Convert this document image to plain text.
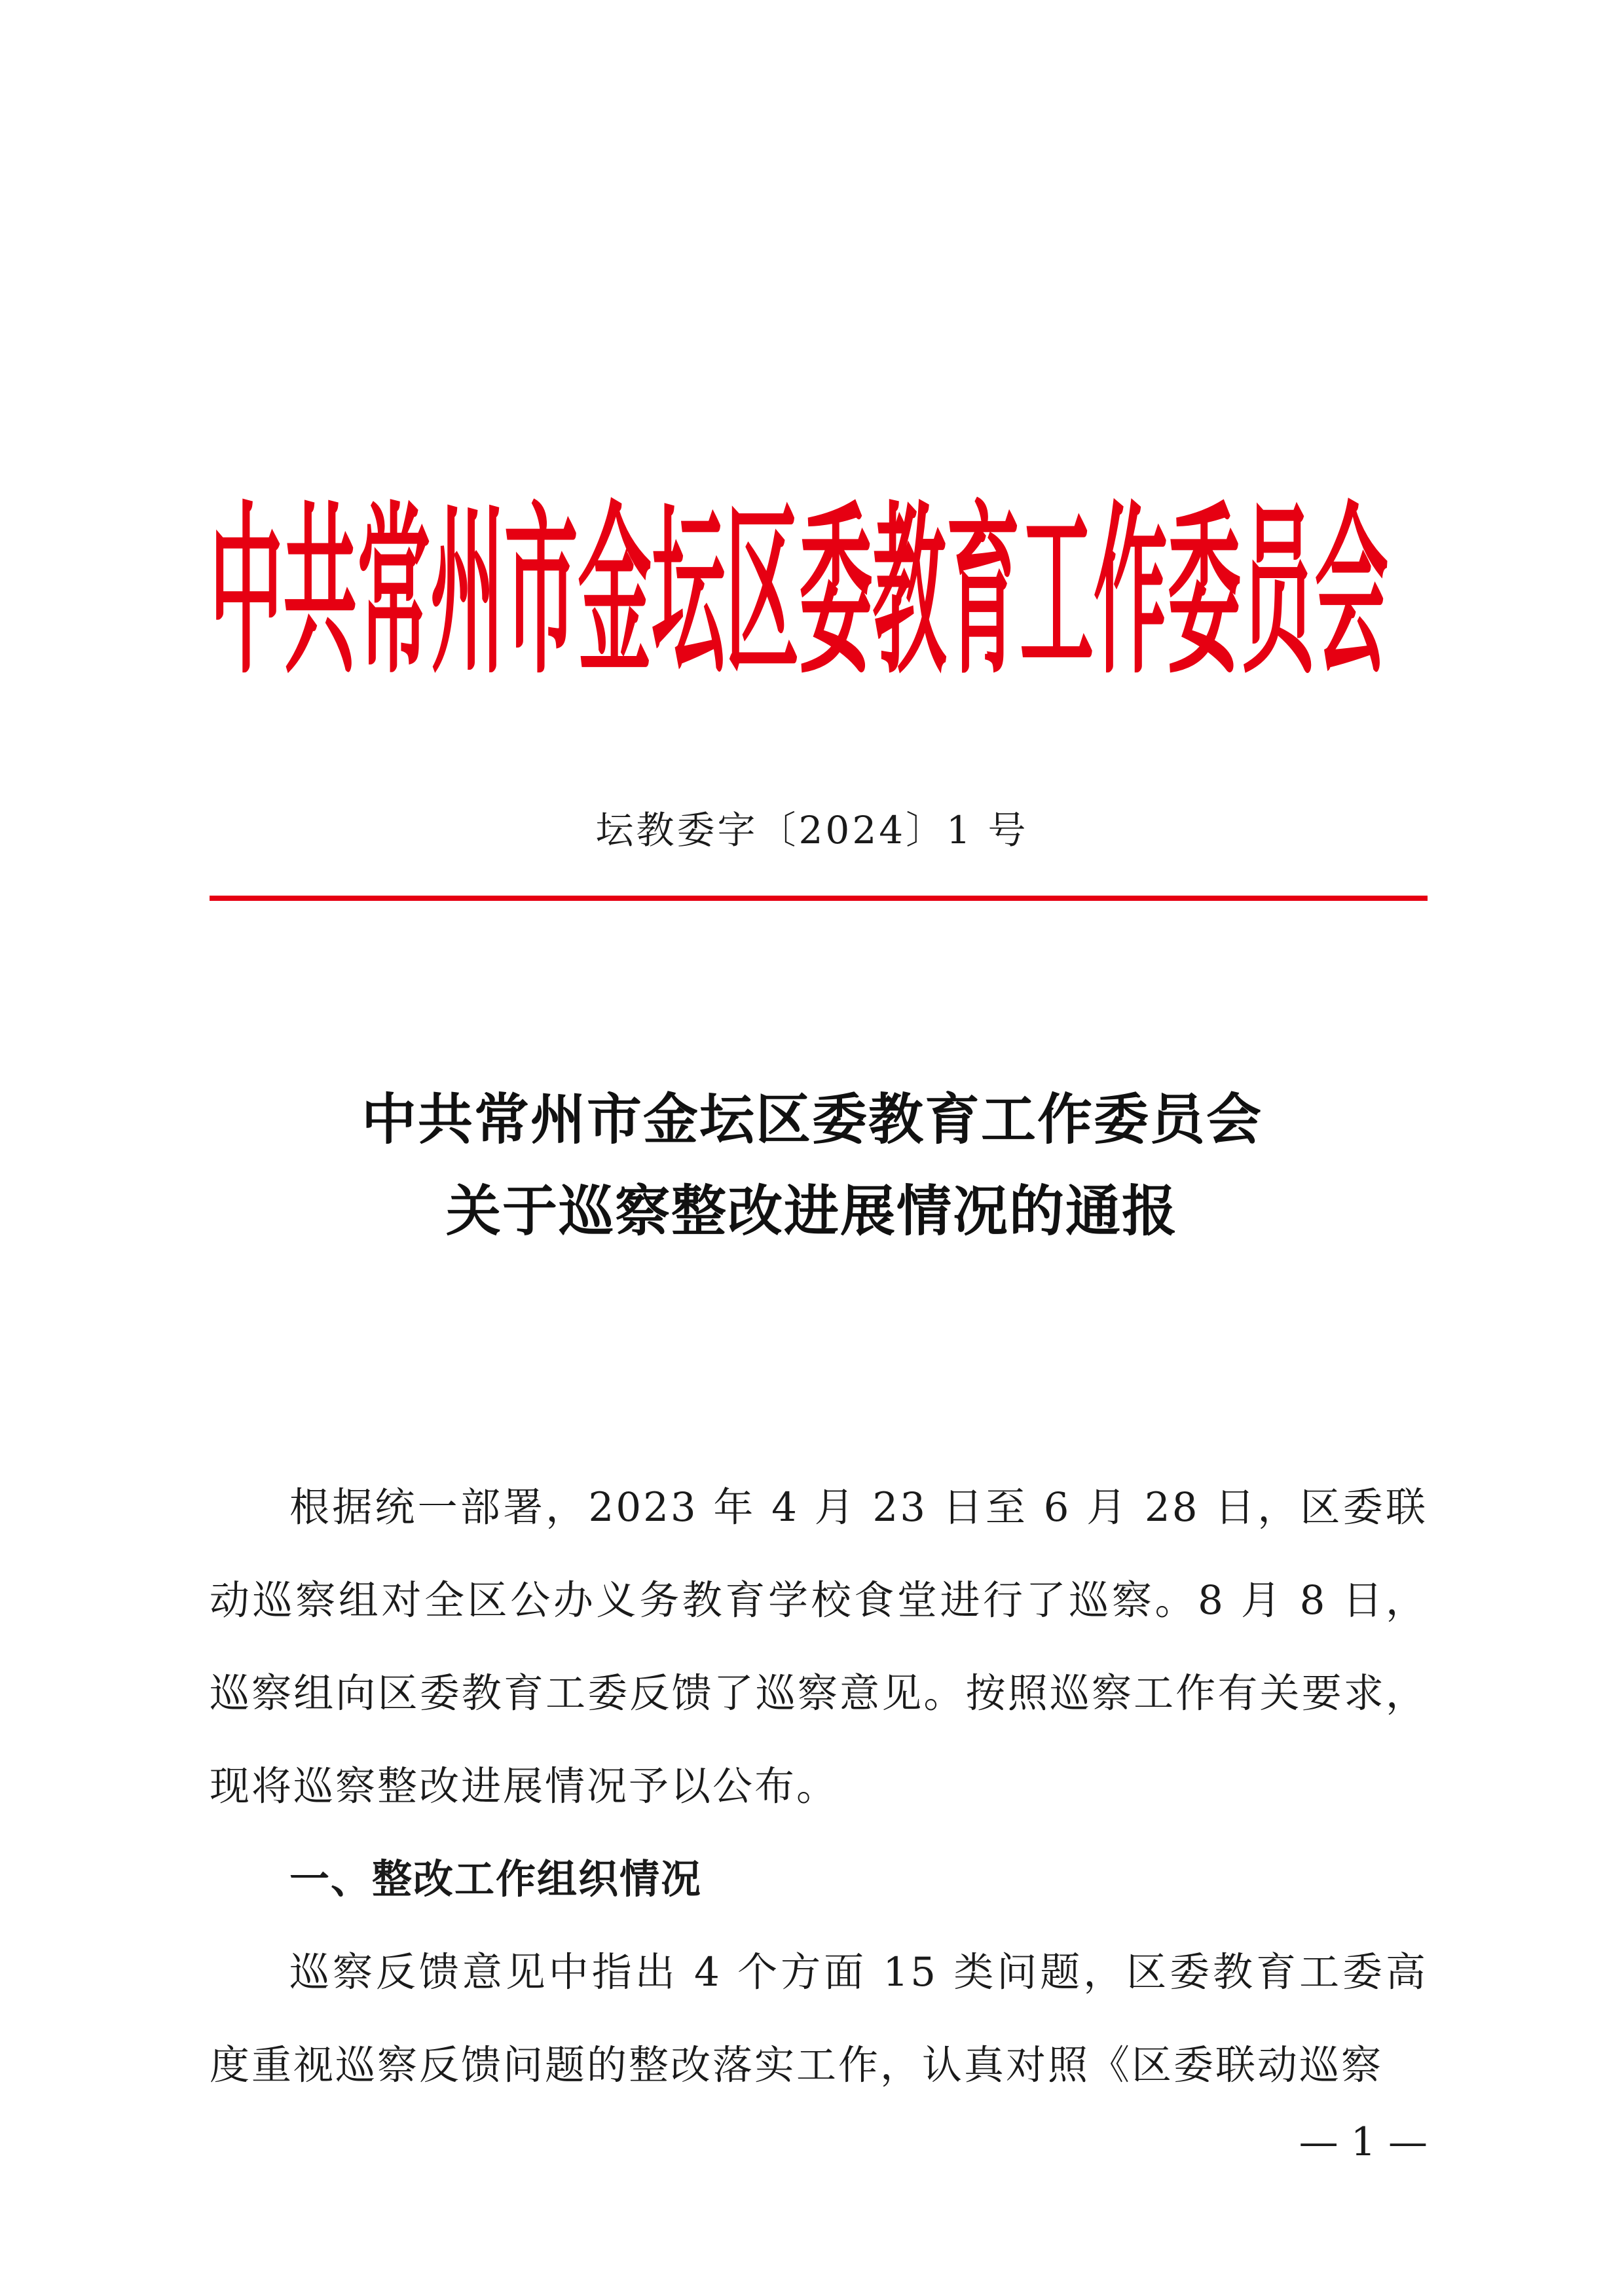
中共常州市金坛区委教育工作委员会
坛教委字〔2024〕1 号
中共常州市金坛区委教育工作委员会
关于巡察整改进展情况的通报

根据统一部署，2023 年 4 月 23 日至 6 月 28 日，区委联动巡察组对全区公办义务教育学校食堂进行了巡察。8 月 8 日，巡察组向区委教育工委反馈了巡察意见。按照巡察工作有关要求，现将巡察整改进展情况予以公布。

一、整改工作组织情况

巡察反馈意见中指出 4 个方面 15 类问题，区委教育工委高度重视巡察反馈问题的整改落实工作，认真对照《区委联动巡察

— 1 —
